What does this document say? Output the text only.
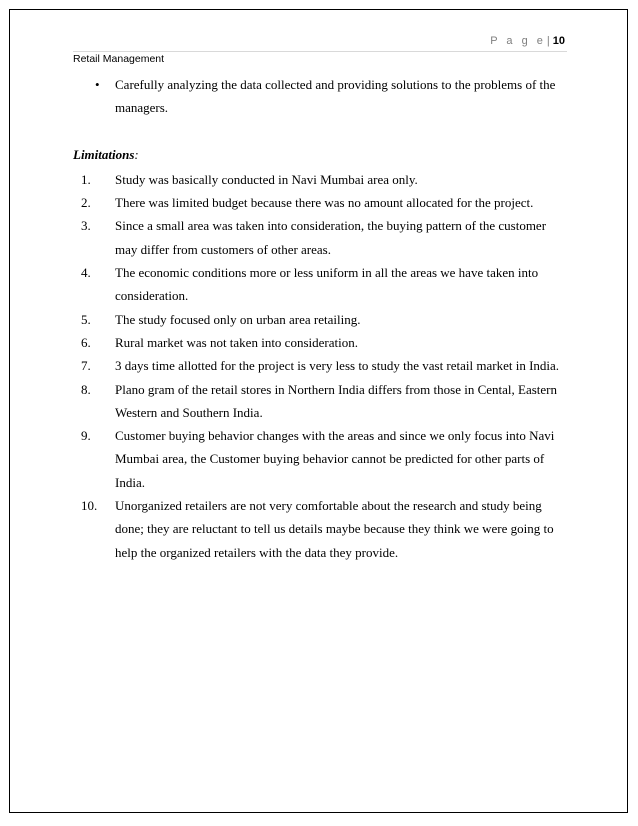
P a g e | 10
Retail Management
• Carefully analyzing the data collected and providing solutions to the problems of the managers.
Limitations:
1. Study was basically conducted in Navi Mumbai area only.
2. There was limited budget because there was no amount allocated for the project.
3. Since a small area was taken into consideration, the buying pattern of the customer may differ from customers of other areas.
4. The economic conditions more or less uniform in all the areas we have taken into consideration.
5. The study focused only on urban area retailing.
6. Rural market was not taken into consideration.
7. 3 days time allotted for the project is very less to study the vast retail market in India.
8. Plano gram of the retail stores in Northern India differs from those in Cental, Eastern Western and Southern India.
9. Customer buying behavior changes with the areas and since we only focus into Navi Mumbai area, the Customer buying behavior cannot be predicted for other parts of India.
10. Unorganized retailers are not very comfortable about the research and study being done; they are reluctant to tell us details maybe because they think we were going to help the organized retailers with the data they provide.
